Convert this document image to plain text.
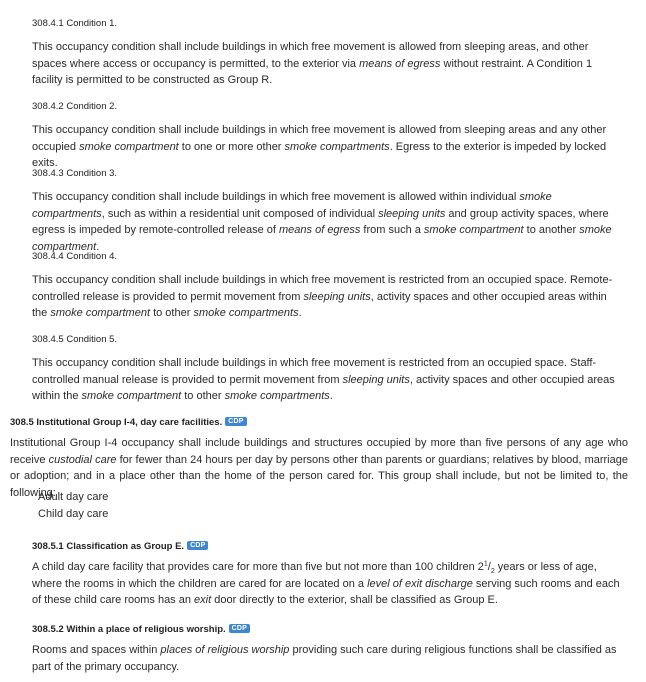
308.4.1 Condition 1.
This occupancy condition shall include buildings in which free movement is allowed from sleeping areas, and other spaces where access or occupancy is permitted, to the exterior via means of egress without restraint. A Condition 1 facility is permitted to be constructed as Group R.
308.4.2 Condition 2.
This occupancy condition shall include buildings in which free movement is allowed from sleeping areas and any other occupied smoke compartment to one or more other smoke compartments. Egress to the exterior is impeded by locked exits.
308.4.3 Condition 3.
This occupancy condition shall include buildings in which free movement is allowed within individual smoke compartments, such as within a residential unit composed of individual sleeping units and group activity spaces, where egress is impeded by remote-controlled release of means of egress from such a smoke compartment to another smoke compartment.
308.4.4 Condition 4.
This occupancy condition shall include buildings in which free movement is restricted from an occupied space. Remote-controlled release is provided to permit movement from sleeping units, activity spaces and other occupied areas within the smoke compartment to other smoke compartments.
308.4.5 Condition 5.
This occupancy condition shall include buildings in which free movement is restricted from an occupied space. Staff-controlled manual release is provided to permit movement from sleeping units, activity spaces and other occupied areas within the smoke compartment to other smoke compartments.
308.5 Institutional Group I-4, day care facilities. CDP
Institutional Group I-4 occupancy shall include buildings and structures occupied by more than five persons of any age who receive custodial care for fewer than 24 hours per day by persons other than parents or guardians; relatives by blood, marriage or adoption; and in a place other than the home of the person cared for. This group shall include, but not be limited to, the following:
Adult day care
Child day care
308.5.1 Classification as Group E. CDP
A child day care facility that provides care for more than five but not more than 100 children $2^1/_2$ years or less of age, where the rooms in which the children are cared for are located on a level of exit discharge serving such rooms and each of these child care rooms has an exit door directly to the exterior, shall be classified as Group E.
308.5.2 Within a place of religious worship. CDP
Rooms and spaces within places of religious worship providing such care during religious functions shall be classified as part of the primary occupancy.
